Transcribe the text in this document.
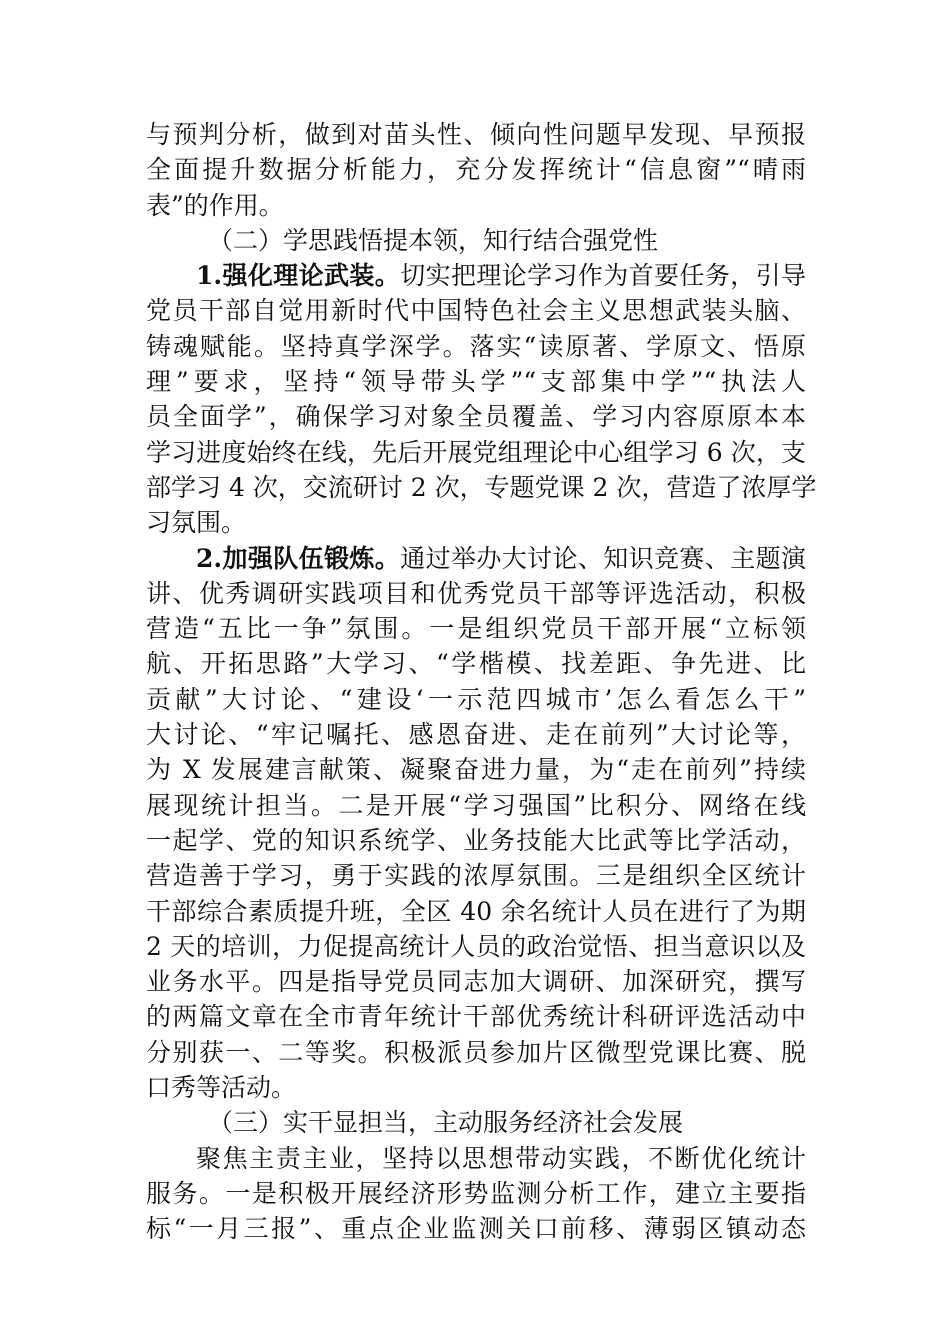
与预判分析，做到对苗头性、倾向性问题早发现、早预报
全面提升数据分析能力，充分发挥统计“信息窗”“晴雨
表”的作用。
（二）学思践悟提本领，知行结合强党性
1.强化理论武装。切实把理论学习作为首要任务，引导
党员干部自觉用新时代中国特色社会主义思想武装头脑、
铸魂赋能。坚持真学深学。落实“读原著、学原文、悟原
理”要求，坚持“领导带头学”“支部集中学”“执法人
员全面学”，确保学习对象全员覆盖、学习内容原原本本
学习进度始终在线，先后开展党组理论中心组学习 6 次，支
部学习 4 次，交流研讨 2 次，专题党课 2 次，营造了浓厚学
习氛围。
2.加强队伍锻炼。通过举办大讨论、知识竞赛、主题演
讲、优秀调研实践项目和优秀党员干部等评选活动，积极
营造“五比一争”氛围。一是组织党员干部开展“立标领
航、开拓思路”大学习、“学楷模、找差距、争先进、比
贡献”大讨论、“建设‘一示范四城市’怎么看怎么干”
大讨论、“牢记嘱托、感恩奋进、走在前列”大讨论等，
为 X 发展建言献策、凝聚奋进力量，为“走在前列”持续
展现统计担当。二是开展“学习强国”比积分、网络在线
一起学、党的知识系统学、业务技能大比武等比学活动，
营造善于学习，勇于实践的浓厚氛围。三是组织全区统计
干部综合素质提升班，全区 40 余名统计人员在进行了为期
2 天的培训，力促提高统计人员的政治觉悟、担当意识以及
业务水平。四是指导党员同志加大调研、加深研究，撰写
的两篇文章在全市青年统计干部优秀统计科研评选活动中
分别获一、二等奖。积极派员参加片区微型党课比赛、脱
口秀等活动。
（三）实干显担当，主动服务经济社会发展
聚焦主责主业，坚持以思想带动实践，不断优化统计
服务。一是积极开展经济形势监测分析工作，建立主要指
标“一月三报”、重点企业监测关口前移、薄弱区镇动态
